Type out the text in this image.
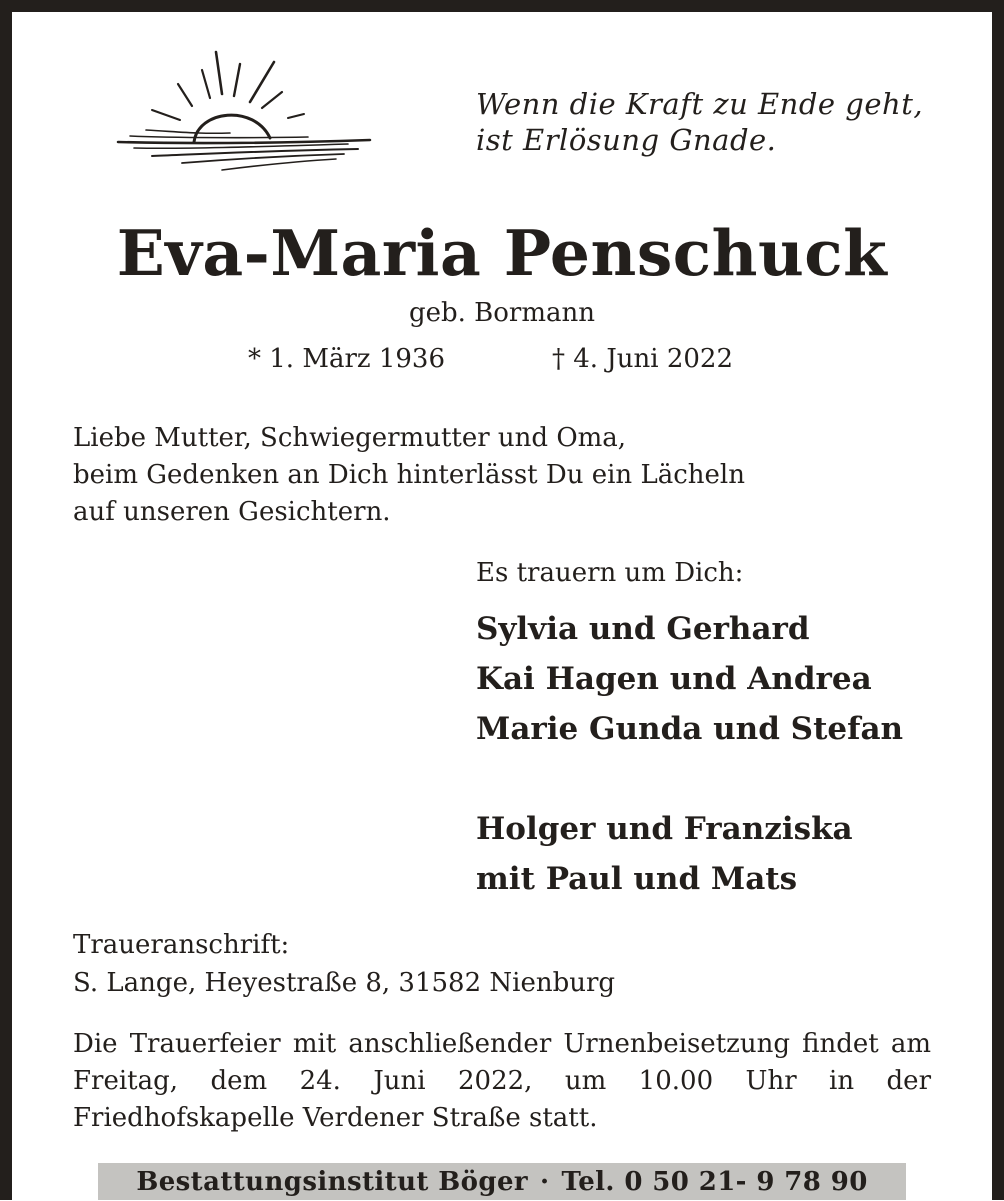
Wenn die Kraft zu Ende geht,
ist Erlösung Gnade.
Eva-Maria Penschuck
geb. Bormann
* 1. März 1936	† 4. Juni 2022
Liebe Mutter, Schwiegermutter und Oma,
beim Gedenken an Dich hinterlässt Du ein Lächeln
auf unseren Gesichtern.
Es trauern um Dich:
Sylvia und Gerhard
Kai Hagen und Andrea
Marie Gunda und Stefan
Holger und Franziska
mit Paul und Mats
Traueranschrift:
S. Lange, Heyestraße 8, 31582 Nienburg
Die Trauerfeier mit anschließender Urnenbeisetzung findet am Freitag, dem 24. Juni 2022, um 10.00 Uhr in der Friedhofskapelle Verdener Straße statt.
Bestattungsinstitut Böger · Tel. 0 50 21- 9 78 90
